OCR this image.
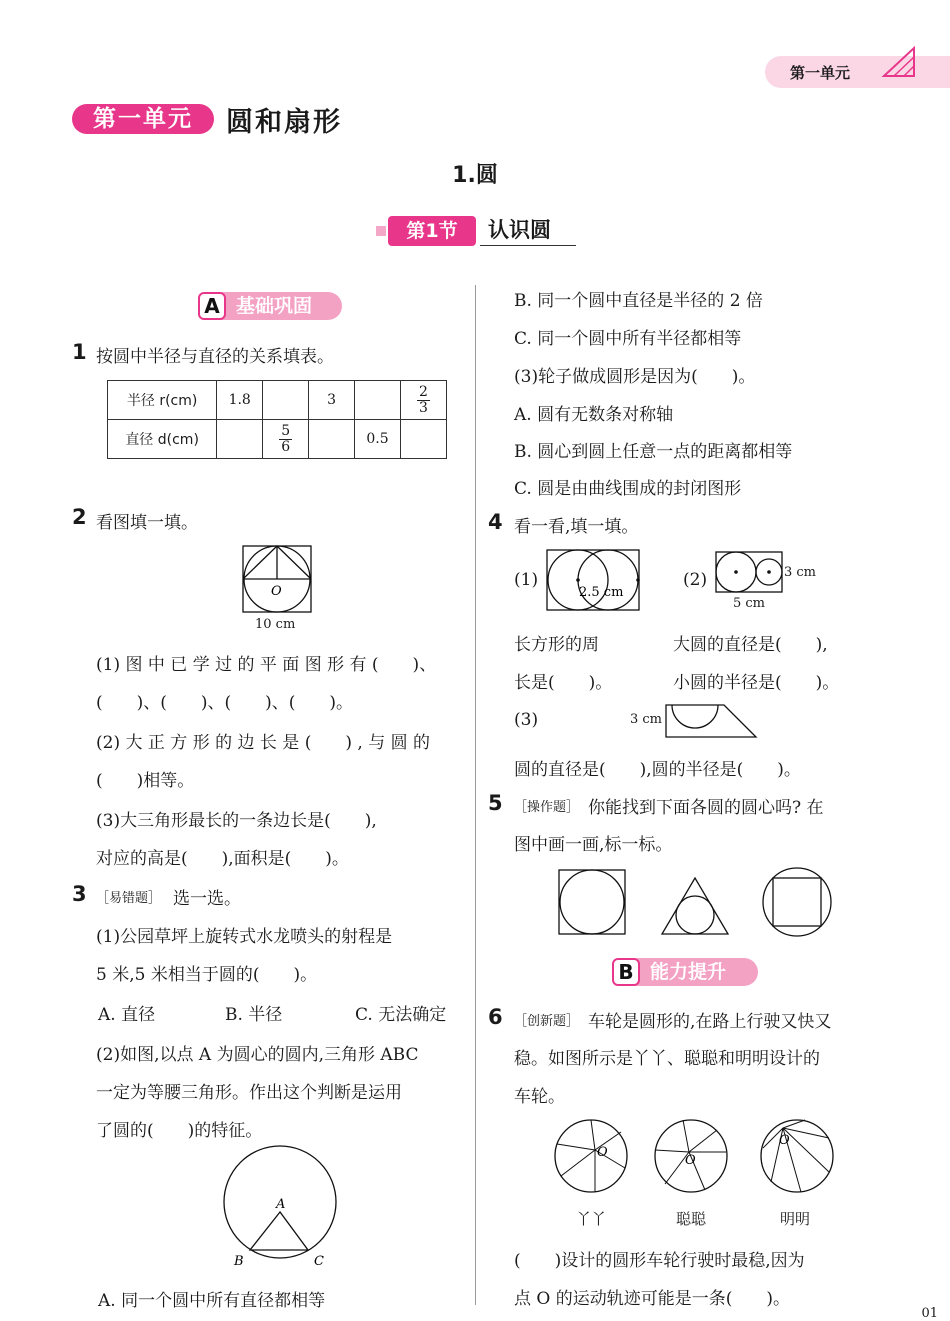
第一单元
第一单元	圆和扇形
1.圆
第1节	认识圆
A 基础巩固
1 按圆中半径与直径的关系填表。
半径 r(cm)	1.8		3		$\frac{2}{3}$

直径 d(cm)		$\frac{5}{6}$		0.5	
2 看图填一填。
O
10 cm
(1) 图 中 已 学 过 的 平 面 图 形 有 (　　)、
(　　)、(　　)、(　　)、(　　)。
(2) 大 正 方 形 的 边 长 是 (　　) , 与 圆 的
(　　)相等。
(3)大三角形最长的一条边长是(　　),
对应的高是(　　),面积是(　　)。
3 ［易错题］ 选一选。
(1)公园草坪上旋转式水龙喷头的射程是
5 米,5 米相当于圆的(　　)。
A. 直径	B. 半径	C. 无法确定
(2)如图,以点 A 为圆心的圆内,三角形 ABC
一定为等腰三角形。作出这个判断是运用
了圆的(　　)的特征。
A
B	C
A. 同一个圆中所有直径都相等
B. 同一个圆中直径是半径的 2 倍
C. 同一个圆中所有半径都相等
(3)轮子做成圆形是因为(　　)。
A. 圆有无数条对称轴
B. 圆心到圆上任意一点的距离都相等
C. 圆是由曲线围成的封闭图形
4 看一看,填一填。
(1)
2.5 cm
(2)	3 cm
5 cm
长方形的周
长是(　　)。
大圆的直径是(　　),
小圆的半径是(　　)。
(3)	3 cm
圆的直径是(　　),圆的半径是(　　)。
5 ［操作题］ 你能找到下面各圆的圆心吗? 在
图中画一画,标一标。
B 能力提升
6 ［创新题］ 车轮是圆形的,在路上行驶又快又
稳。如图所示是丫丫、聪聪和明明设计的
车轮。
O
O
O
丫丫	聪聪	明明
(　　)设计的圆形车轮行驶时最稳,因为
点 O 的运动轨迹可能是一条(　　)。
01
